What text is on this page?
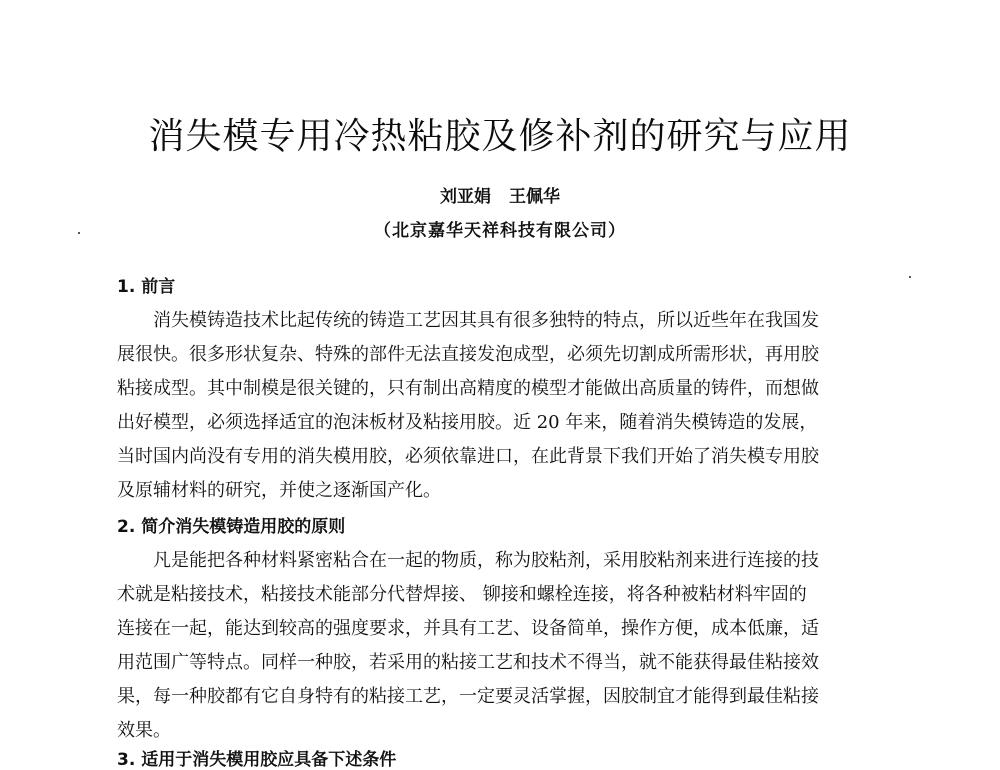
消失模专用冷热粘胶及修补剂的研究与应用
刘亚娟 王佩华
（北京嘉华天祥科技有限公司）
1. 前言
消失模铸造技术比起传统的铸造工艺因其具有很多独特的特点，所以近些年在我国发
展很快。很多形状复杂、特殊的部件无法直接发泡成型，必须先切割成所需形状，再用胶
粘接成型。其中制模是很关键的，只有制出高精度的模型才能做出高质量的铸件，而想做
出好模型，必须选择适宜的泡沫板材及粘接用胶。近 20 年来，随着消失模铸造的发展，
当时国内尚没有专用的消失模用胶，必须依靠进口，在此背景下我们开始了消失模专用胶
及原辅材料的研究，并使之逐渐国产化。
2. 简介消失模铸造用胶的原则
凡是能把各种材料紧密粘合在一起的物质，称为胶粘剂，采用胶粘剂来进行连接的技
术就是粘接技术，粘接技术能部分代替焊接、 铆接和螺栓连接，将各种被粘材料牢固的
连接在一起，能达到较高的强度要求，并具有工艺、设备简单，操作方便，成本低廉，适
用范围广等特点。同样一种胶，若采用的粘接工艺和技术不得当，就不能获得最佳粘接效
果，每一种胶都有它自身特有的粘接工艺，一定要灵活掌握，因胶制宜才能得到最佳粘接
效果。
3. 适用于消失模用胶应具备下述条件
